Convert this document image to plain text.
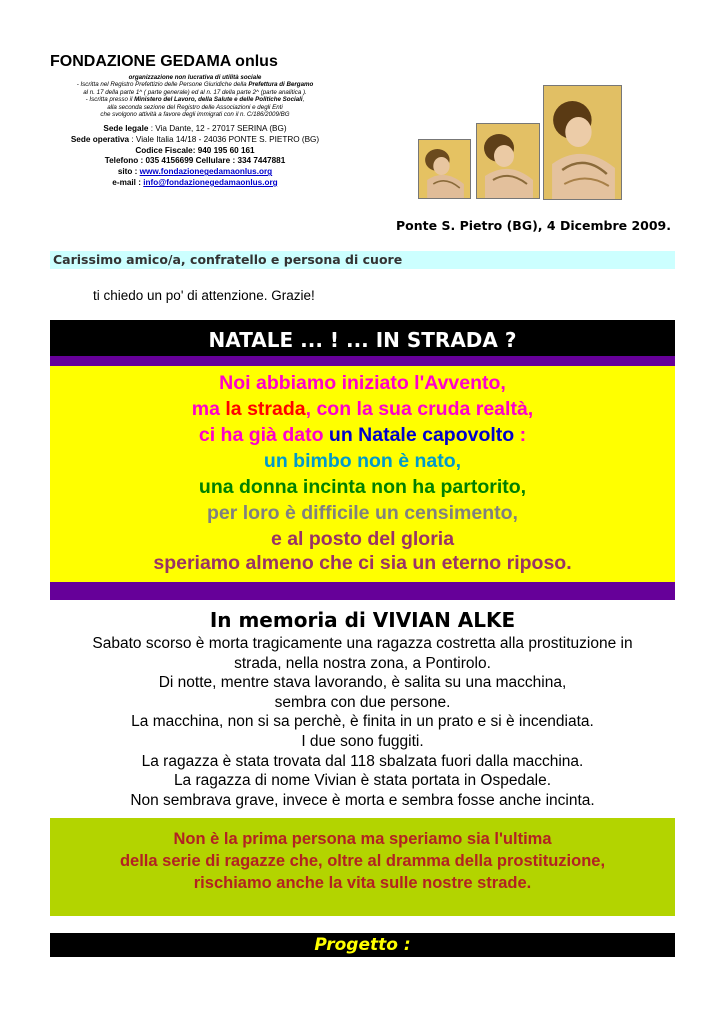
FONDAZIONE GEDAMA onlus
organizzazione non lucrativa di utilità sociale
- Iscritta nel Registro Prefettizio delle Persone Giuridiche della Prefettura di Bergamo
al n. 17 della parte 1^ ( parte generale) ed al n. 17 della parte 2^ (parte analitica ).
- Iscritta presso il Ministero del Lavoro, della Salute e delle Politiche Sociali,
alla seconda sezione del Registro delle Associazioni e degli Enti
che svolgono attività a favore degli immigrati con il n. C/186/2009/BG
Sede legale : Via Dante, 12 - 27017 SERINA (BG)
Sede operativa : Viale Italia 14/18 - 24036 PONTE S. PIETRO (BG)
Codice Fiscale: 940 195 60 161
Telefono : 035 4156699 Cellulare : 334 7447881
sito : www.fondazionegedamaonlus.org
e-mail : info@fondazionegedamaonlus.org
Ponte S. Pietro (BG), 4 Dicembre 2009.
Carissimo amico/a, confratello e persona di cuore
ti chiedo un po' di attenzione. Grazie!
NATALE ... ! ... IN STRADA ?
Noi abbiamo iniziato l'Avvento,
ma la strada, con la sua cruda realtà,
ci ha già dato un Natale capovolto :
un bimbo non è nato,
una donna incinta non ha partorito,
per loro è difficile un censimento,
e al posto del gloria
speriamo almeno che ci sia un eterno riposo.
In memoria di VIVIAN ALKE
Sabato scorso è morta tragicamente una ragazza costretta alla prostituzione in
strada, nella nostra zona, a Pontirolo.
Di notte, mentre stava lavorando, è salita su una macchina,
sembra con due persone.
La macchina, non si sa perchè, è finita in un prato e si è incendiata.
I due sono fuggiti.
La ragazza è stata trovata dal 118 sbalzata fuori dalla macchina.
La ragazza di nome Vivian è stata portata in Ospedale.
Non sembrava grave, invece è morta e sembra fosse anche incinta.
Non è la prima persona ma speriamo sia l'ultima
della serie di ragazze che, oltre al dramma della prostituzione,
rischiamo anche la vita sulle nostre strade.
Progetto :
